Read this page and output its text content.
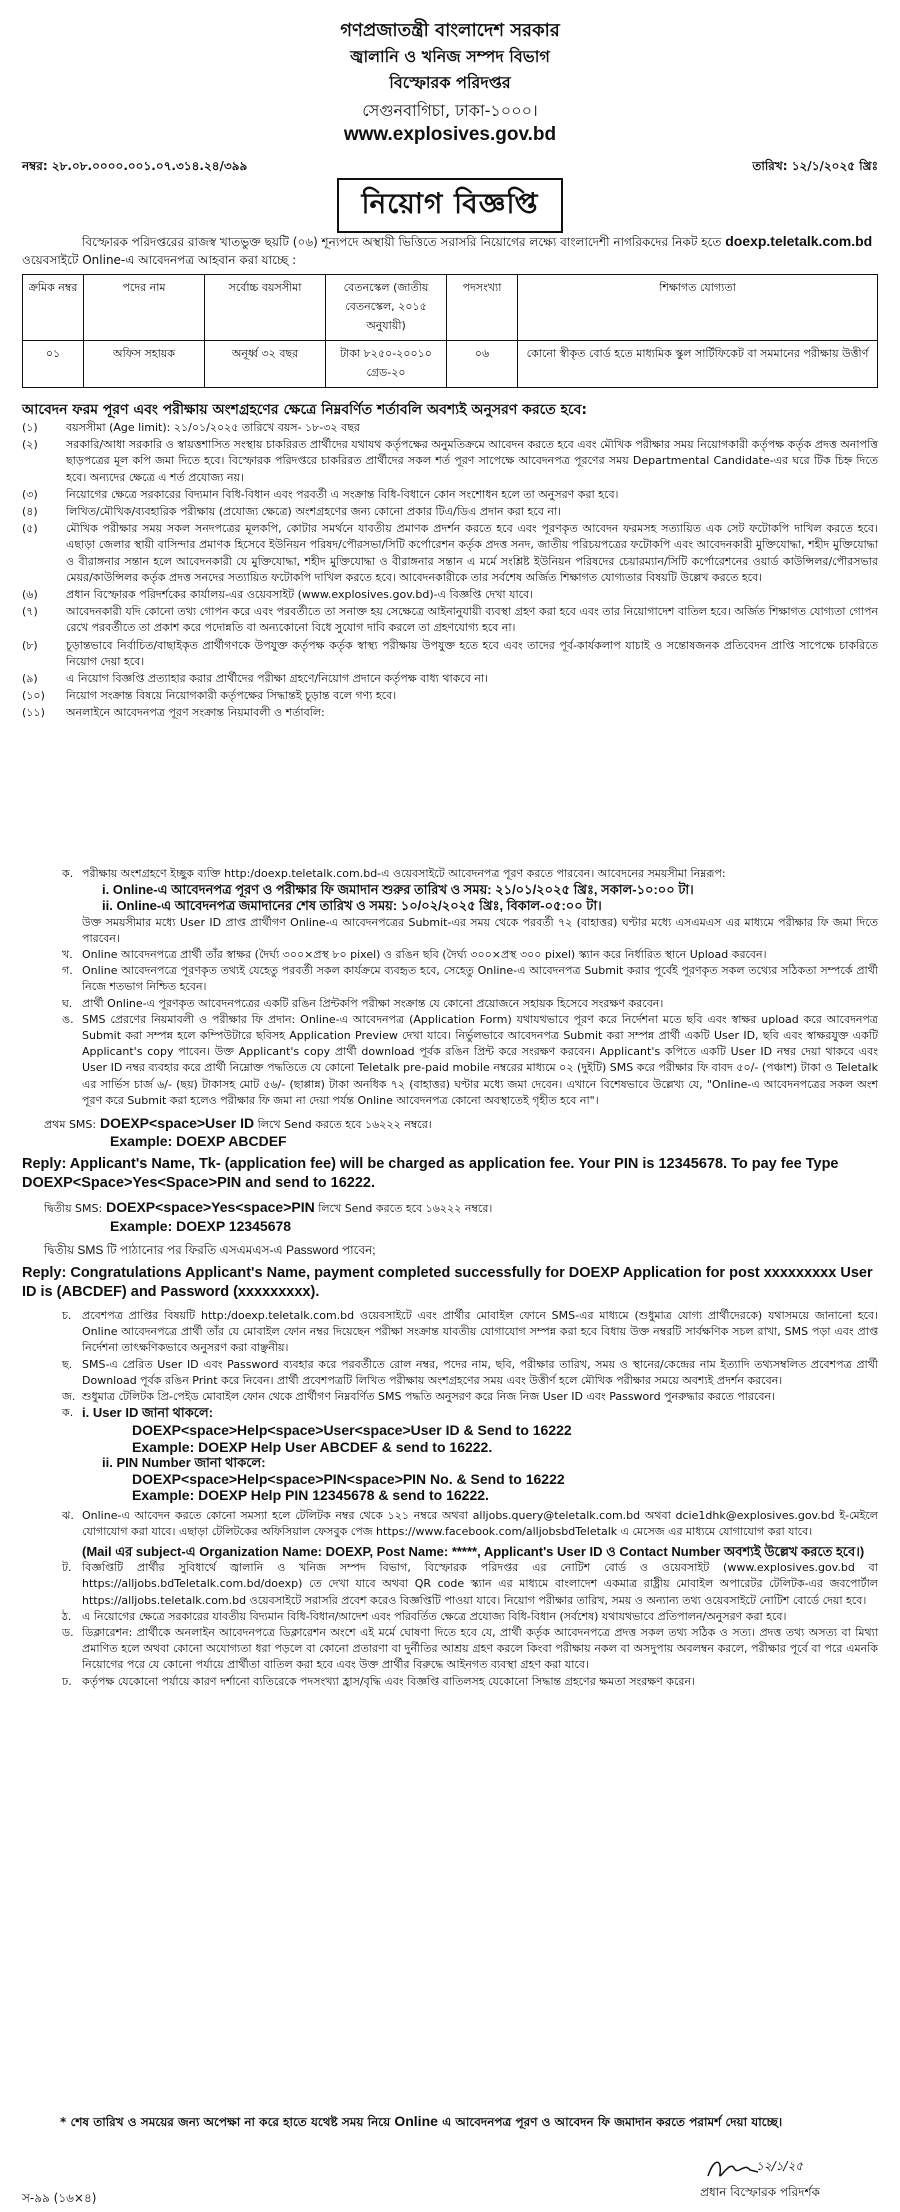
গণপ্রজাতন্ত্রী বাংলাদেশ সরকার
জ্বালানি ও খনিজ সম্পদ বিভাগ
বিস্ফোরক পরিদপ্তর
সেগুনবাগিচা, ঢাকা-১০০০।
www.explosives.gov.bd
নম্বর: ২৮.০৮.০০০০.০০১.০৭.৩১৪.২৪/৩৯৯	তারিখ: ১২/১/২০২৫ খ্রিঃ
নিয়োগ বিজ্ঞপ্তি
বিস্ফোরক পরিদপ্তরের রাজস্ব খাতভুক্ত ছয়টি (০৬) শূন্যপদে অস্থায়ী ভিত্তিতে সরাসরি নিয়োগের লক্ষ্যে বাংলাদেশী নাগরিকদের নিকট হতে doexp.teletalk.com.bd ওয়েবসাইটে Online-এ আবেদনপত্র আহবান করা যাচ্ছে :
ক্রমিক নম্বর	পদের নাম	সর্বোচ্চ বয়সসীমা	বেতনস্কেল (জাতীয় বেতনস্কেল, ২০১৫ অনুযায়ী)	পদসংখ্যা	শিক্ষাগত যোগ্যতা
০১	অফিস সহায়ক	অনূর্ধ্ব ৩২ বছর	টাকা ৮২৫০-২০০১০ গ্রেড-২০	০৬	কোনো স্বীকৃত বোর্ড হতে মাধ্যমিক স্কুল সার্টিফিকেট বা সমমানের পরীক্ষায় উত্তীর্ণ
আবেদন ফরম পূরণ এবং পরীক্ষায় অংশগ্রহণের ক্ষেত্রে নিম্নবর্ণিত শর্তাবলি অবশ্যই অনুসরণ করতে হবে:
(১)	বয়সসীমা (Age limit): ২১/০১/২০২৫ তারিখে বয়স- ১৮-৩২ বছর
(২)	সরকারি/আধা সরকারি ও স্বায়ত্তশাসিত সংস্থায় চাকরিরত প্রার্থীদের যথাযথ কর্তৃপক্ষের অনুমতিক্রমে আবেদন করতে হবে এবং মৌখিক পরীক্ষার সময় নিয়োগকারী কর্তৃপক্ষ কর্তৃক প্রদত্ত অনাপত্তি ছাড়পত্রের মূল কপি জমা দিতে হবে। বিস্ফোরক পরিদপ্তরে চাকরিরত প্রার্থীদের সকল শর্ত পূরণ সাপেক্ষে আবেদনপত্র পূরণের সময় Departmental Candidate-এর ঘরে টিক চিহ্ন দিতে হবে। অন্যদের ক্ষেত্রে এ শর্ত প্রযোজ্য নয়।
(৩)	নিয়োগের ক্ষেত্রে সরকারের বিদ্যমান বিধি-বিধান এবং পরবর্তী এ সংক্রান্ত বিধি-বিধানে কোন সংশোধন হলে তা অনুসরণ করা হবে।
(৪)	লিখিত/মৌখিক/ব্যবহারিক পরীক্ষায় (প্রযোজ্য ক্ষেত্রে) অংশগ্রহণের জন্য কোনো প্রকার টিএ/ডিএ প্রদান করা হবে না।
(৫)	মৌখিক পরীক্ষার সময় সকল সনদপত্রের মূলকপি, কোটার সমর্থনে যাবতীয় প্রমাণক প্রদর্শন করতে হবে এবং পূরণকৃত আবেদন ফরমসহ সত্যায়িত এক সেট ফটোকপি দাখিল করতে হবে। এছাড়া জেলার স্থায়ী বাসিন্দার প্রমাণক হিসেবে ইউনিয়ন পরিষদ/পৌরসভা/সিটি কর্পোরেশন কর্তৃক প্রদত্ত সনদ, জাতীয় পরিচয়পত্রের ফটোকপি এবং আবেদনকারী মুক্তিযোদ্ধা, শহীদ মুক্তিযোদ্ধা ও বীরাঙ্গনার সন্তান হলে আবেদনকারী যে মুক্তিযোদ্ধা, শহীদ মুক্তিযোদ্ধা ও বীরাঙ্গনার সন্তান এ মর্মে সংশ্লিষ্ট ইউনিয়ন পরিষদের চেয়ারম্যান/সিটি কর্পোরেশনের ওয়ার্ড কাউন্সিলর/পৌরসভার মেয়র/কাউন্সিলর কর্তৃক প্রদত্ত সনদের সত্যায়িত ফটোকপি দাখিল করতে হবে। আবেদনকারীকে তার সর্বশেষ অর্জিত শিক্ষাগত যোগ্যতার বিষয়টি উল্লেখ করতে হবে।
(৬)	প্রধান বিস্ফোরক পরিদর্শকের কার্যালয়-এর ওয়েবসাইট (www.explosives.gov.bd)-এ বিজ্ঞপ্তি দেখা যাবে।
(৭)	আবেদনকারী যদি কোনো তথ্য গোপন করে এবং পরবর্তীতে তা সনাক্ত হয় সেক্ষেত্রে আইনানুযায়ী ব্যবস্থা গ্রহণ করা হবে এবং তার নিয়োগাদেশ বাতিল হবে। অর্জিত শিক্ষাগত যোগ্যতা গোপন রেখে পরবর্তীতে তা প্রকাশ করে পদোন্নতি বা অন্যকোনো বিধে সুযোগ দাবি করলে তা গ্রহণযোগ্য হবে না।
(৮)	চূড়ান্তভাবে নির্বাচিত/বাছাইকৃত প্রার্থীগণকে উপযুক্ত কর্তৃপক্ষ কর্তৃক স্বাস্থ্য পরীক্ষায় উপযুক্ত হতে হবে এবং তাদের পূর্ব-কার্যকলাপ যাচাই ও সন্তোষজনক প্রতিবেদন প্রাপ্তি সাপেক্ষে চাকরিতে নিয়োগ দেয়া হবে।
(৯)	এ নিয়োগ বিজ্ঞপ্তি প্রত্যাহার করার প্রার্থীদের পরীক্ষা গ্রহণে/নিয়োগ প্রদানে কর্তৃপক্ষ বাধ্য থাকবে না।
(১০)	নিয়োগ সংক্রান্ত বিষয়ে নিয়োগকারী কর্তৃপক্ষের সিদ্ধান্তই চূড়ান্ত বলে গণ্য হবে।
(১১)	অনলাইনে আবেদনপত্র পূরণ সংক্রান্ত নিয়মাবলী ও শর্তাবলি:
ক. পরীক্ষায় অংশগ্রহণে ইচ্ছুক ব্যক্তি http:/doexp.teletalk.com.bd-এ ওয়েবসাইটে আবেদনপত্র পূরণ করতে পারবেন। আবেদনের সময়সীমা নিম্নরূপ:
i. Online-এ আবেদনপত্র পূরণ ও পরীক্ষার ফি জমাদান শুরুর তারিখ ও সময়: ২১/০১/২০২৫ খ্রিঃ, সকাল-১০:০০ টা।
ii. Online-এ আবেদনপত্র জমাদানের শেষ তারিখ ও সময়: ১০/০২/২০২৫ খ্রিঃ, বিকাল-০৫:০০ টা।
উক্ত সময়সীমার মধ্যে User ID প্রাপ্ত প্রার্থীগণ Online-এ আবেদনপত্রের Submit-এর সময় থেকে পরবর্তী ৭২ (বাহাত্তর) ঘণ্টার মধ্যে এসএমএস এর মাধ্যমে পরীক্ষার ফি জমা দিতে পারবেন।
খ. Online আবেদনপত্রে প্রার্থী তাঁর স্বাক্ষর (দৈর্ঘ্য ৩০০×প্রস্থ ৮০ pixel) ও রঙিন ছবি (দৈর্ঘ্য ৩০০×প্রস্থ ৩০০ pixel) স্ক্যান করে নির্ধারিত স্থানে Upload করবেন।
গ. Online আবেদনপত্রে পূরণকৃত তথ্যই যেহেতু পরবর্তী সকল কার্যক্রমে ব্যবহৃত হবে, সেহেতু Online-এ আবেদনপত্র Submit করার পূর্বেই পূরণকৃত সকল তথ্যের সঠিকতা সম্পর্কে প্রার্থী নিজে শতভাগ নিশ্চিত হবেন।
ঘ. প্রার্থী Online-এ পূরণকৃত আবেদনপত্রের একটি রঙিন প্রিন্টকপি পরীক্ষা সংক্রান্ত যে কোনো প্রয়োজনে সহায়ক হিসেবে সংরক্ষণ করবেন।
ঙ. SMS প্রেরণের নিয়মাবলী ও পরীক্ষার ফি প্রদান: Online-এ আবেদনপত্র (Application Form) যথাযথভাবে পূরণ করে নির্দেশনা মতে ছবি এবং স্বাক্ষর upload করে আবেদনপত্র Submit করা সম্পন্ন হলে কম্পিউটারে ছবিসহ Application Preview দেখা যাবে। নির্ভুলভাবে আবেদনপত্র Submit করা সম্পন্ন প্রার্থী একটি User ID, ছবি এবং স্বাক্ষরযুক্ত একটি Applicant's copy পাবেন। উক্ত Applicant's copy প্রার্থী download পূর্বক রঙিন প্রিন্ট করে সংরক্ষণ করবেন। Applicant's কপিতে একটি User ID নম্বর দেয়া থাকবে এবং User ID নম্বর ব্যবহার করে প্রার্থী নিম্নোক্ত পদ্ধতিতে যে কোনো Teletalk pre-paid mobile নম্বরের মাধ্যমে ০২ (দুইটি) SMS করে পরীক্ষার ফি বাবদ ৫০/- (পঞ্চাশ) টাকা ও Teletalk এর সার্ভিস চার্জ ৬/- (ছয়) টাকাসহ মোট ৫৬/- (ছাপ্পান্ন) টাকা অনধিক ৭২ (বাহাত্তর) ঘণ্টার মধ্যে জমা দেবেন। এখানে বিশেষভাবে উল্লেখ্য যে, "Online-এ আবেদনপত্রের সকল অংশ পূরণ করে Submit করা হলেও পরীক্ষার ফি জমা না দেয়া পর্যন্ত Online আবেদনপত্র কোনো অবস্থাতেই গৃহীত হবে না"।
প্রথম SMS: DOEXP<space>User ID লিখে Send করতে হবে ১৬২২২ নম্বরে।
Example: DOEXP ABCDEF
Reply: Applicant's Name, Tk- (application fee) will be charged as application fee. Your PIN is 12345678. To pay fee Type DOEXP<Space>Yes<Space>PIN and send to 16222.
দ্বিতীয় SMS: DOEXP<space>Yes<space>PIN লিখে Send করতে হবে ১৬২২২ নম্বরে।
Example: DOEXP 12345678
দ্বিতীয় SMS টি পাঠানোর পর ফিরতি এসএমএস-এ Password পাবেন;
Reply: Congratulations Applicant's Name, payment completed successfully for DOEXP Application for post xxxxxxxxx User ID is (ABCDEF) and Password (xxxxxxxxx).
চ. প্রবেশপত্র প্রাপ্তির বিষয়টি http:/doexp.teletalk.com.bd ওয়েবসাইটে এবং প্রার্থীর মোবাইল ফোনে SMS-এর মাধ্যমে (শুধুমাত্র যোগ্য প্রার্থীদেরকে) যথাসময়ে জানানো হবে। Online আবেদনপত্রে প্রার্থী তাঁর যে মোবাইল ফোন নম্বর দিয়েছেন পরীক্ষা সংক্রান্ত যাবতীয় যোগাযোগ সম্পন্ন করা হবে বিধায় উক্ত নম্বরটি সার্বক্ষণিক সচল রাখা, SMS পড়া এবং প্রাপ্ত নির্দেশনা তাৎক্ষণিকভাবে অনুসরণ করা বাঞ্ছনীয়।
ছ. SMS-এ প্রেরিত User ID এবং Password ব্যবহার করে পরবর্তীতে রোল নম্বর, পদের নাম, ছবি, পরীক্ষার তারিখ, সময় ও স্থানের/কেন্দ্রের নাম ইত্যাদি তথ্যসম্বলিত প্রবেশপত্র প্রার্থী Download পূর্বক রঙিন Print করে নিবেন। প্রার্থী প্রবেশপত্রটি লিখিত পরীক্ষায় অংশগ্রহণের সময় এবং উত্তীর্ণ হলে মৌখিক পরীক্ষার সময়ে অবশ্যই প্রদর্শন করবেন।
জ. শুধুমাত্র টেলিটক প্রি-পেইড মোবাইল ফোন থেকে প্রার্থীগণ নিম্নবর্ণিত SMS পদ্ধতি অনুসরণ করে নিজ নিজ User ID এবং Password পুনরুদ্ধার করতে পারবেন।
ক. i. User ID জানা থাকলে:
DOEXP<space>Help<space>User<space>User ID & Send to 16222
Example: DOEXP Help User ABCDEF & send to 16222.
ii. PIN Number জানা থাকলে:
DOEXP<space>Help<space>PIN<space>PIN No. & Send to 16222
Example: DOEXP Help PIN 12345678 & send to 16222.
ঝ. Online-এ আবেদন করতে কোনো সমস্যা হলে টেলিটক নম্বর থেকে ১২১ নম্বরে অথবা alljobs.query@teletalk.com.bd অথবা dcie1dhk@explosives.gov.bd ই-মেইলে যোগাযোগ করা যাবে। এছাড়া টেলিটকের অফিসিয়াল ফেসবুক পেজ https://www.facebook.com/alljobsbdTeletalk এ মেসেজ এর মাধ্যমে যোগাযোগ করা যাবে।
(Mail এর subject-এ Organization Name: DOEXP, Post Name: *****, Applicant's User ID ও Contact Number অবশ্যই উল্লেখ করতে হবে।)
ট. বিজ্ঞপ্তিটি প্রার্থীর সুবিধার্থে জ্বালানি ও খনিজ সম্পদ বিভাগ, বিস্ফোরক পরিদপ্তর এর নোটিশ বোর্ড ও ওয়েবসাইট (www.explosives.gov.bd বা https://alljobs.bdTeletalk.com.bd/doexp) তে দেখা যাবে অথবা QR code স্ক্যান এর মাধ্যমে বাংলাদেশ একমাত্র রাষ্ট্রীয় মোবাইল অপারেটর টেলিটক-এর জবপোর্টাল https://alljobs.teletalk.com.bd ওয়েবসাইটে সরাসরি প্রবেশ করেও বিজ্ঞপ্তিটি পাওয়া যাবে। নিয়োগ পরীক্ষার তারিখ, সময় ও অন্যান্য তথ্য ওয়েবসাইটে নোটিশ বোর্ডে দেয়া হবে।
ঠ. এ নিয়োগের ক্ষেত্রে সরকারের যাবতীয় বিদ্যমান বিধি-বিধান/আদেশ এবং পরিবর্তিত ক্ষেত্রে প্রযোজ্য বিধি-বিধান (সর্বশেষ) যথাযথভাবে প্রতিপালন/অনুসরণ করা হবে।
ড. ডিক্লারেশন: প্রার্থীকে অনলাইন আবেদনপত্রে ডিক্লারেশন অংশে এই মর্মে ঘোষণা দিতে হবে যে, প্রার্থী কর্তৃক আবেদনপত্রে প্রদত্ত সকল তথ্য সঠিক ও সত্য। প্রদত্ত তথ্য অসত্য বা মিথ্যা প্রমাণিত হলে অথবা কোনো অযোগ্যতা ধরা পড়লে বা কোনো প্রতারণা বা দুর্নীতির আশ্রয় গ্রহণ করলে কিংবা পরীক্ষায় নকল বা অসদুপায় অবলম্বন করলে, পরীক্ষার পূর্বে বা পরে এমনকি নিয়োগের পরে যে কোনো পর্যায়ে প্রার্থীতা বাতিল করা হবে এবং উক্ত প্রার্থীর বিরুদ্ধে আইনগত ব্যবস্থা গ্রহণ করা যাবে।
ঢ. কর্তৃপক্ষ যেকোনো পর্যায়ে কারণ দর্শানো ব্যতিরেকে পদসংখ্যা হ্রাস/বৃদ্ধি এবং বিজ্ঞপ্তি বাতিলসহ যেকোনো সিদ্ধান্ত গ্রহণের ক্ষমতা সংরক্ষণ করেন।
* শেষ তারিখ ও সময়ের জন্য অপেক্ষা না করে হাতে যথেষ্ট সময় নিয়ে Online এ আবেদনপত্র পূরণ ও আবেদন ফি জমাদান করতে পরামর্শ দেয়া যাচ্ছে।
প্রধান বিস্ফোরক পরিদর্শক
১২/১/২৫
স-৯৯ (১৬×৪)
